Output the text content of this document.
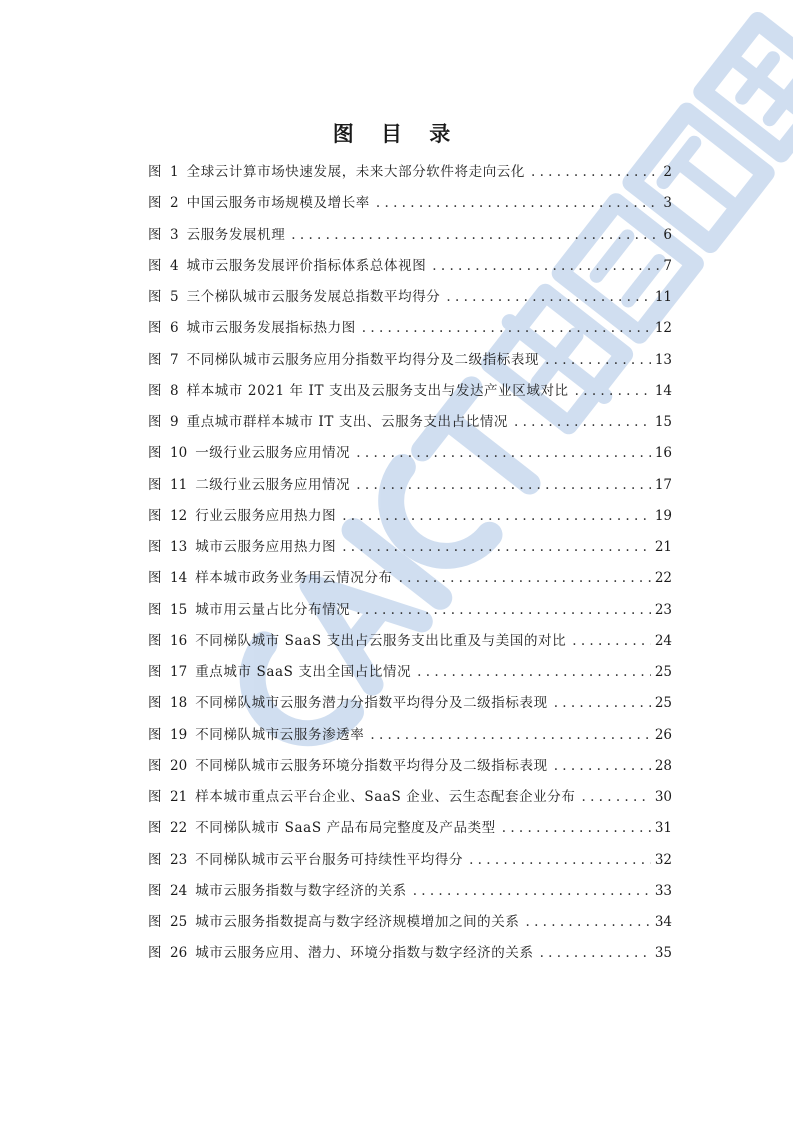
图 目 录
图 1 全球云计算市场快速发展，未来大部分软件将走向云化 . . .	2
图 2 中国云服务市场规模及增长率 . . .	3
图 3 云服务发展机理 . . .	6
图 4 城市云服务发展评价指标体系总体视图 . . .	7
图 5 三个梯队城市云服务发展总指数平均得分 . . .	11
图 6 城市云服务发展指标热力图 . . .	12
图 7 不同梯队城市云服务应用分指数平均得分及二级指标表现 . . .	13
图 8 样本城市 2021 年 IT 支出及云服务支出与发达产业区域对比 . . .	14
图 9 重点城市群样本城市 IT 支出、云服务支出占比情况 . . .	15
图 10 一级行业云服务应用情况 . . .	16
图 11 二级行业云服务应用情况 . . .	17
图 12 行业云服务应用热力图 . . .	19
图 13 城市云服务应用热力图 . . .	21
图 14 样本城市政务业务用云情况分布 . . .	22
图 15 城市用云量占比分布情况 . . .	23
图 16 不同梯队城市 SaaS 支出占云服务支出比重及与美国的对比 . . .	24
图 17 重点城市 SaaS 支出全国占比情况 . . .	25
图 18 不同梯队城市云服务潜力分指数平均得分及二级指标表现 . . .	25
图 19 不同梯队城市云服务渗透率 . . .	26
图 20 不同梯队城市云服务环境分指数平均得分及二级指标表现 . . .	28
图 21 样本城市重点云平台企业、SaaS 企业、云生态配套企业分布 . . .	30
图 22 不同梯队城市 SaaS 产品布局完整度及产品类型 . . .	31
图 23 不同梯队城市云平台服务可持续性平均得分 . . .	32
图 24 城市云服务指数与数字经济的关系 . . .	33
图 25 城市云服务指数提高与数字经济规模增加之间的关系 . . .	34
图 26 城市云服务应用、潜力、环境分指数与数字经济的关系 . . .	35
